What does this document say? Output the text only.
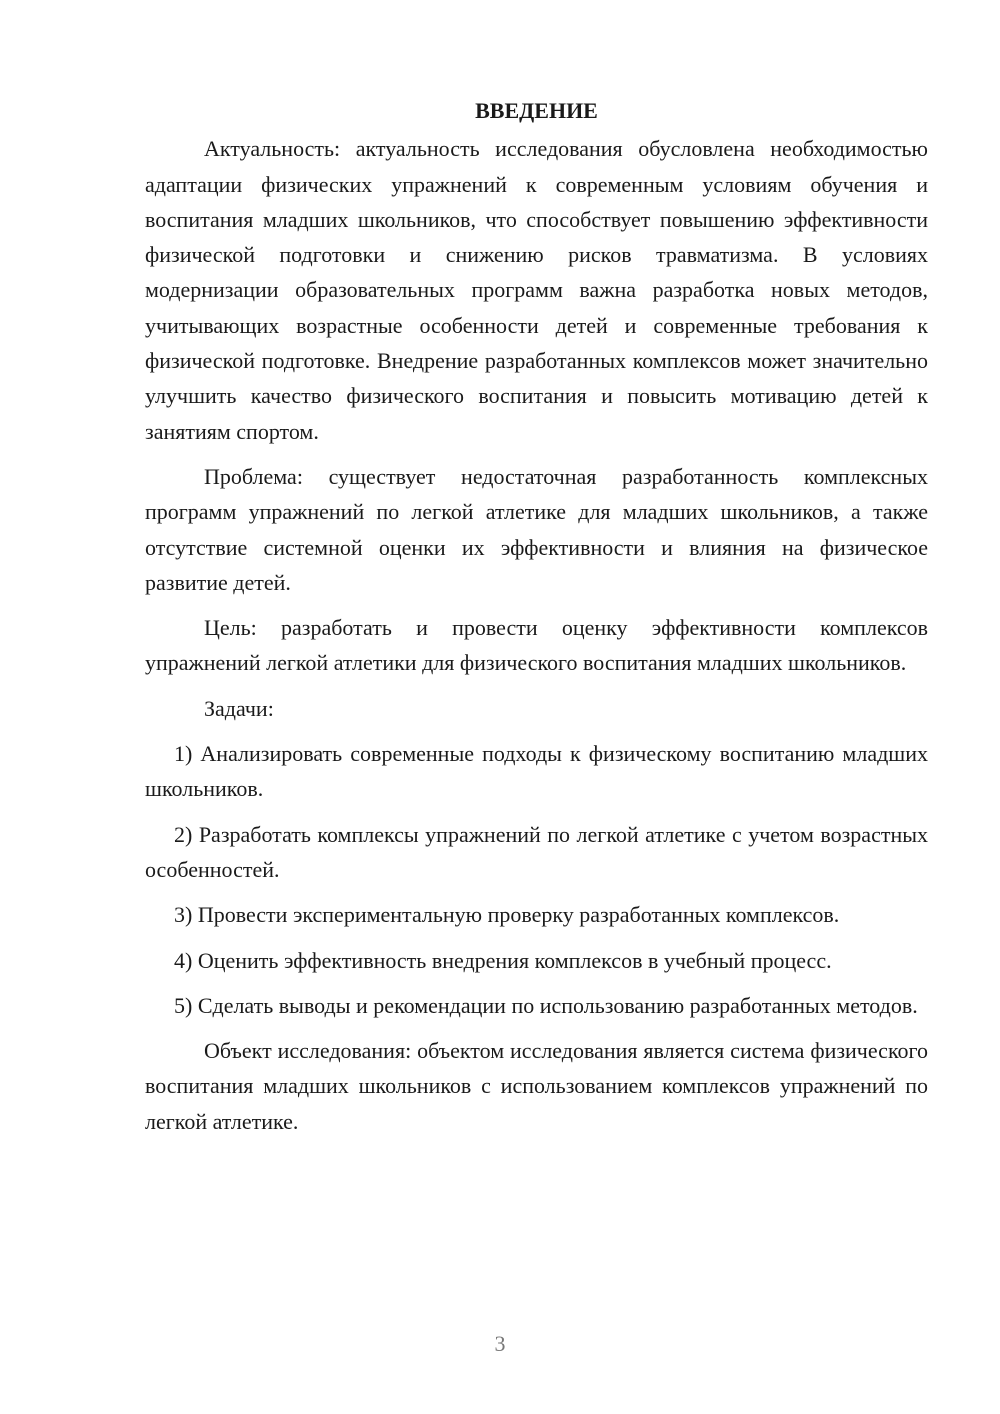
ВВЕДЕНИЕ

Актуальность: актуальность исследования обусловлена необходимостью адаптации физических упражнений к современным условиям обучения и воспитания младших школьников, что способствует повышению эффективности физической подготовки и снижению рисков травматизма. В условиях модернизации образовательных программ важна разработка новых методов, учитывающих возрастные особенности детей и современные требования к физической подготовке. Внедрение разработанных комплексов может значительно улучшить качество физического воспитания и повысить мотивацию детей к занятиям спортом.

Проблема: существует недостаточная разработанность комплексных программ упражнений по легкой атлетике для младших школьников, а также отсутствие системной оценки их эффективности и влияния на физическое развитие детей.

Цель: разработать и провести оценку эффективности комплексов упражнений легкой атлетики для физического воспитания младших школьников.

Задачи:

1) Анализировать современные подходы к физическому воспитанию младших школьников.

2) Разработать комплексы упражнений по легкой атлетике с учетом возрастных особенностей.

3) Провести экспериментальную проверку разработанных комплексов.

4) Оценить эффективность внедрения комплексов в учебный процесс.

5) Сделать выводы и рекомендации по использованию разработанных методов.

Объект исследования: объектом исследования является система физического воспитания младших школьников с использованием комплексов упражнений по легкой атлетике.

3
